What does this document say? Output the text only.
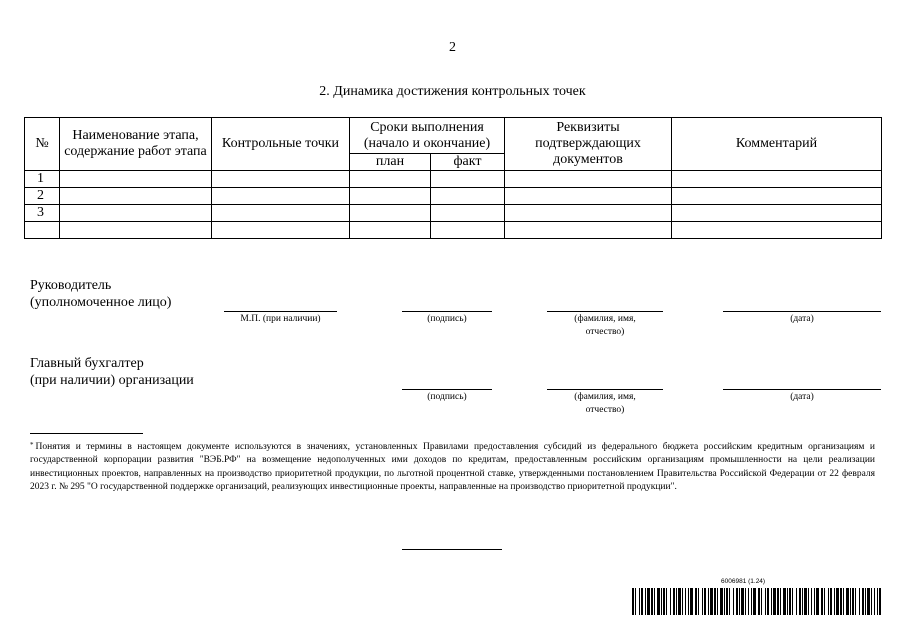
2
2. Динамика достижения контрольных точек
№	Наименование этапа, содержание работ этапа	Контрольные точки	Сроки выполнения (начало и окончание)		Реквизиты подтверждающих документов	Комментарий
			план	факт		
1						
2						
3						

Руководитель
(уполномоченное лицо)
М.П. (при наличии)	(подпись)	(фамилия, имя,
отчество)
(дата)
Главный бухгалтер
(при наличии) организации
(подпись)	(фамилия, имя,
отчество)
(дата)
* Понятия и термины в настоящем документе используются в значениях, установленных Правилами предоставления субсидий из федерального бюджета российским кредитным организациям и государственной корпорации развития "ВЭБ.РФ" на возмещение недополученных ими доходов по кредитам, предоставленным российским организациям промышленности на цели реализации инвестиционных проектов, направленных на производство приоритетной продукции, по льготной процентной ставке, утвержденными постановлением Правительства Российской Федерации от 22 февраля 2023 г. № 295 "О государственной поддержке организаций, реализующих инвестиционные проекты, направленные на производство приоритетной продукции".
6006981 (1.24)
